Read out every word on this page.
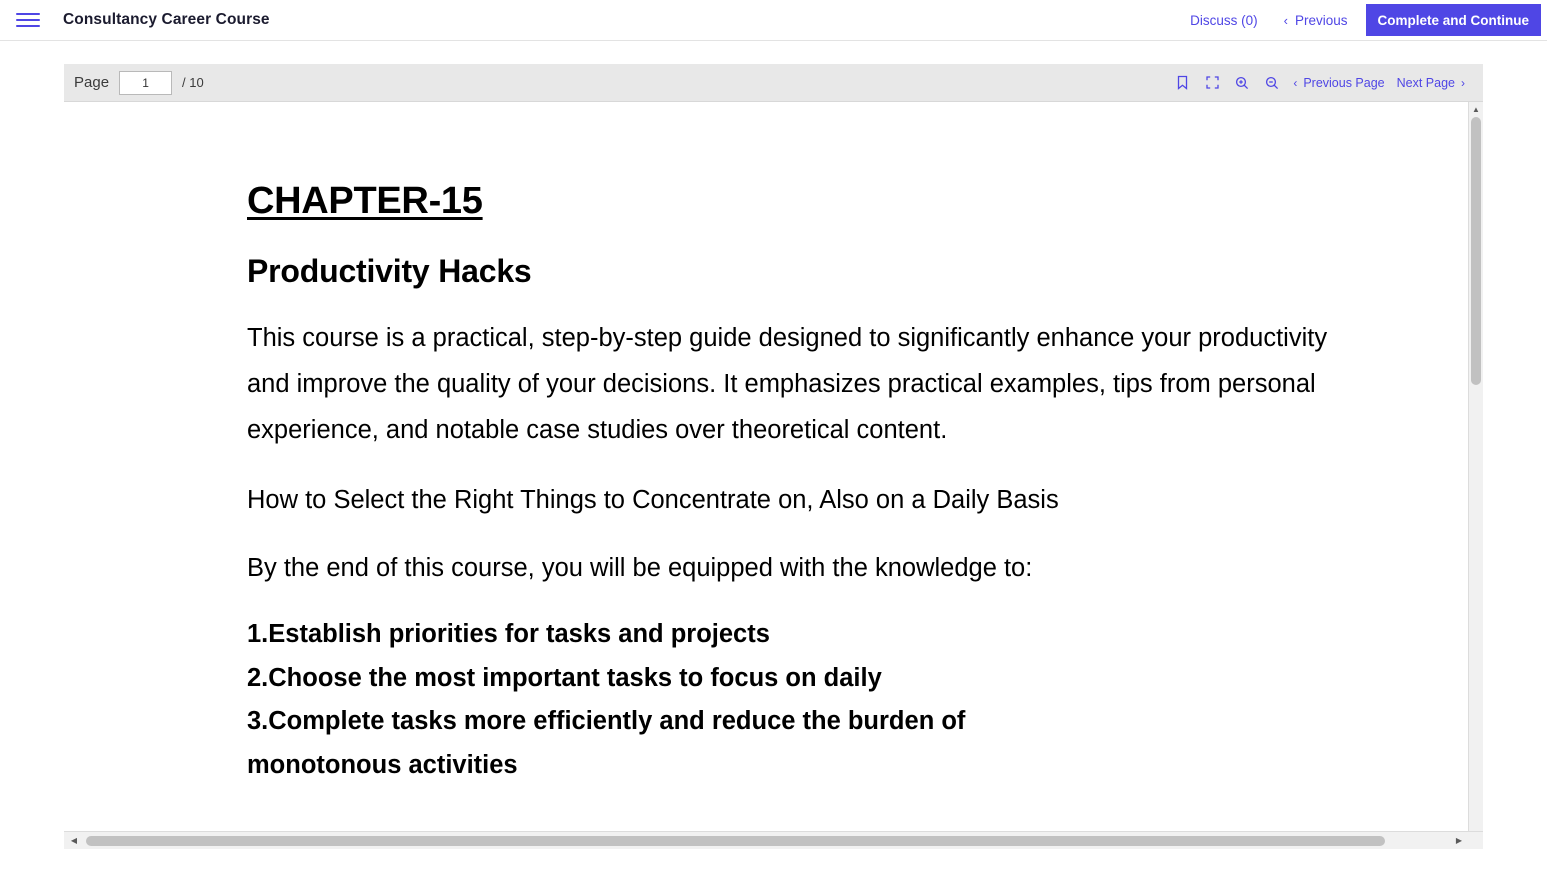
Consultancy Career Course	Discuss (0) ‹ Previous	Complete and Continue
Page
1	/ 10	‹ Previous Page Next Page ›
CHAPTER-15
Productivity Hacks
This course is a practical, step-by-step guide designed to significantly enhance your productivity and improve the quality of your decisions. It emphasizes practical examples, tips from personal experience, and notable case studies over theoretical content.
How to Select the Right Things to Concentrate on, Also on a Daily Basis
By the end of this course, you will be equipped with the knowledge to:
1.Establish priorities for tasks and projects
2.Choose the most important tasks to focus on daily
3.Complete tasks more efficiently and reduce the burden of
monotonous activities
▲
◀	▶
